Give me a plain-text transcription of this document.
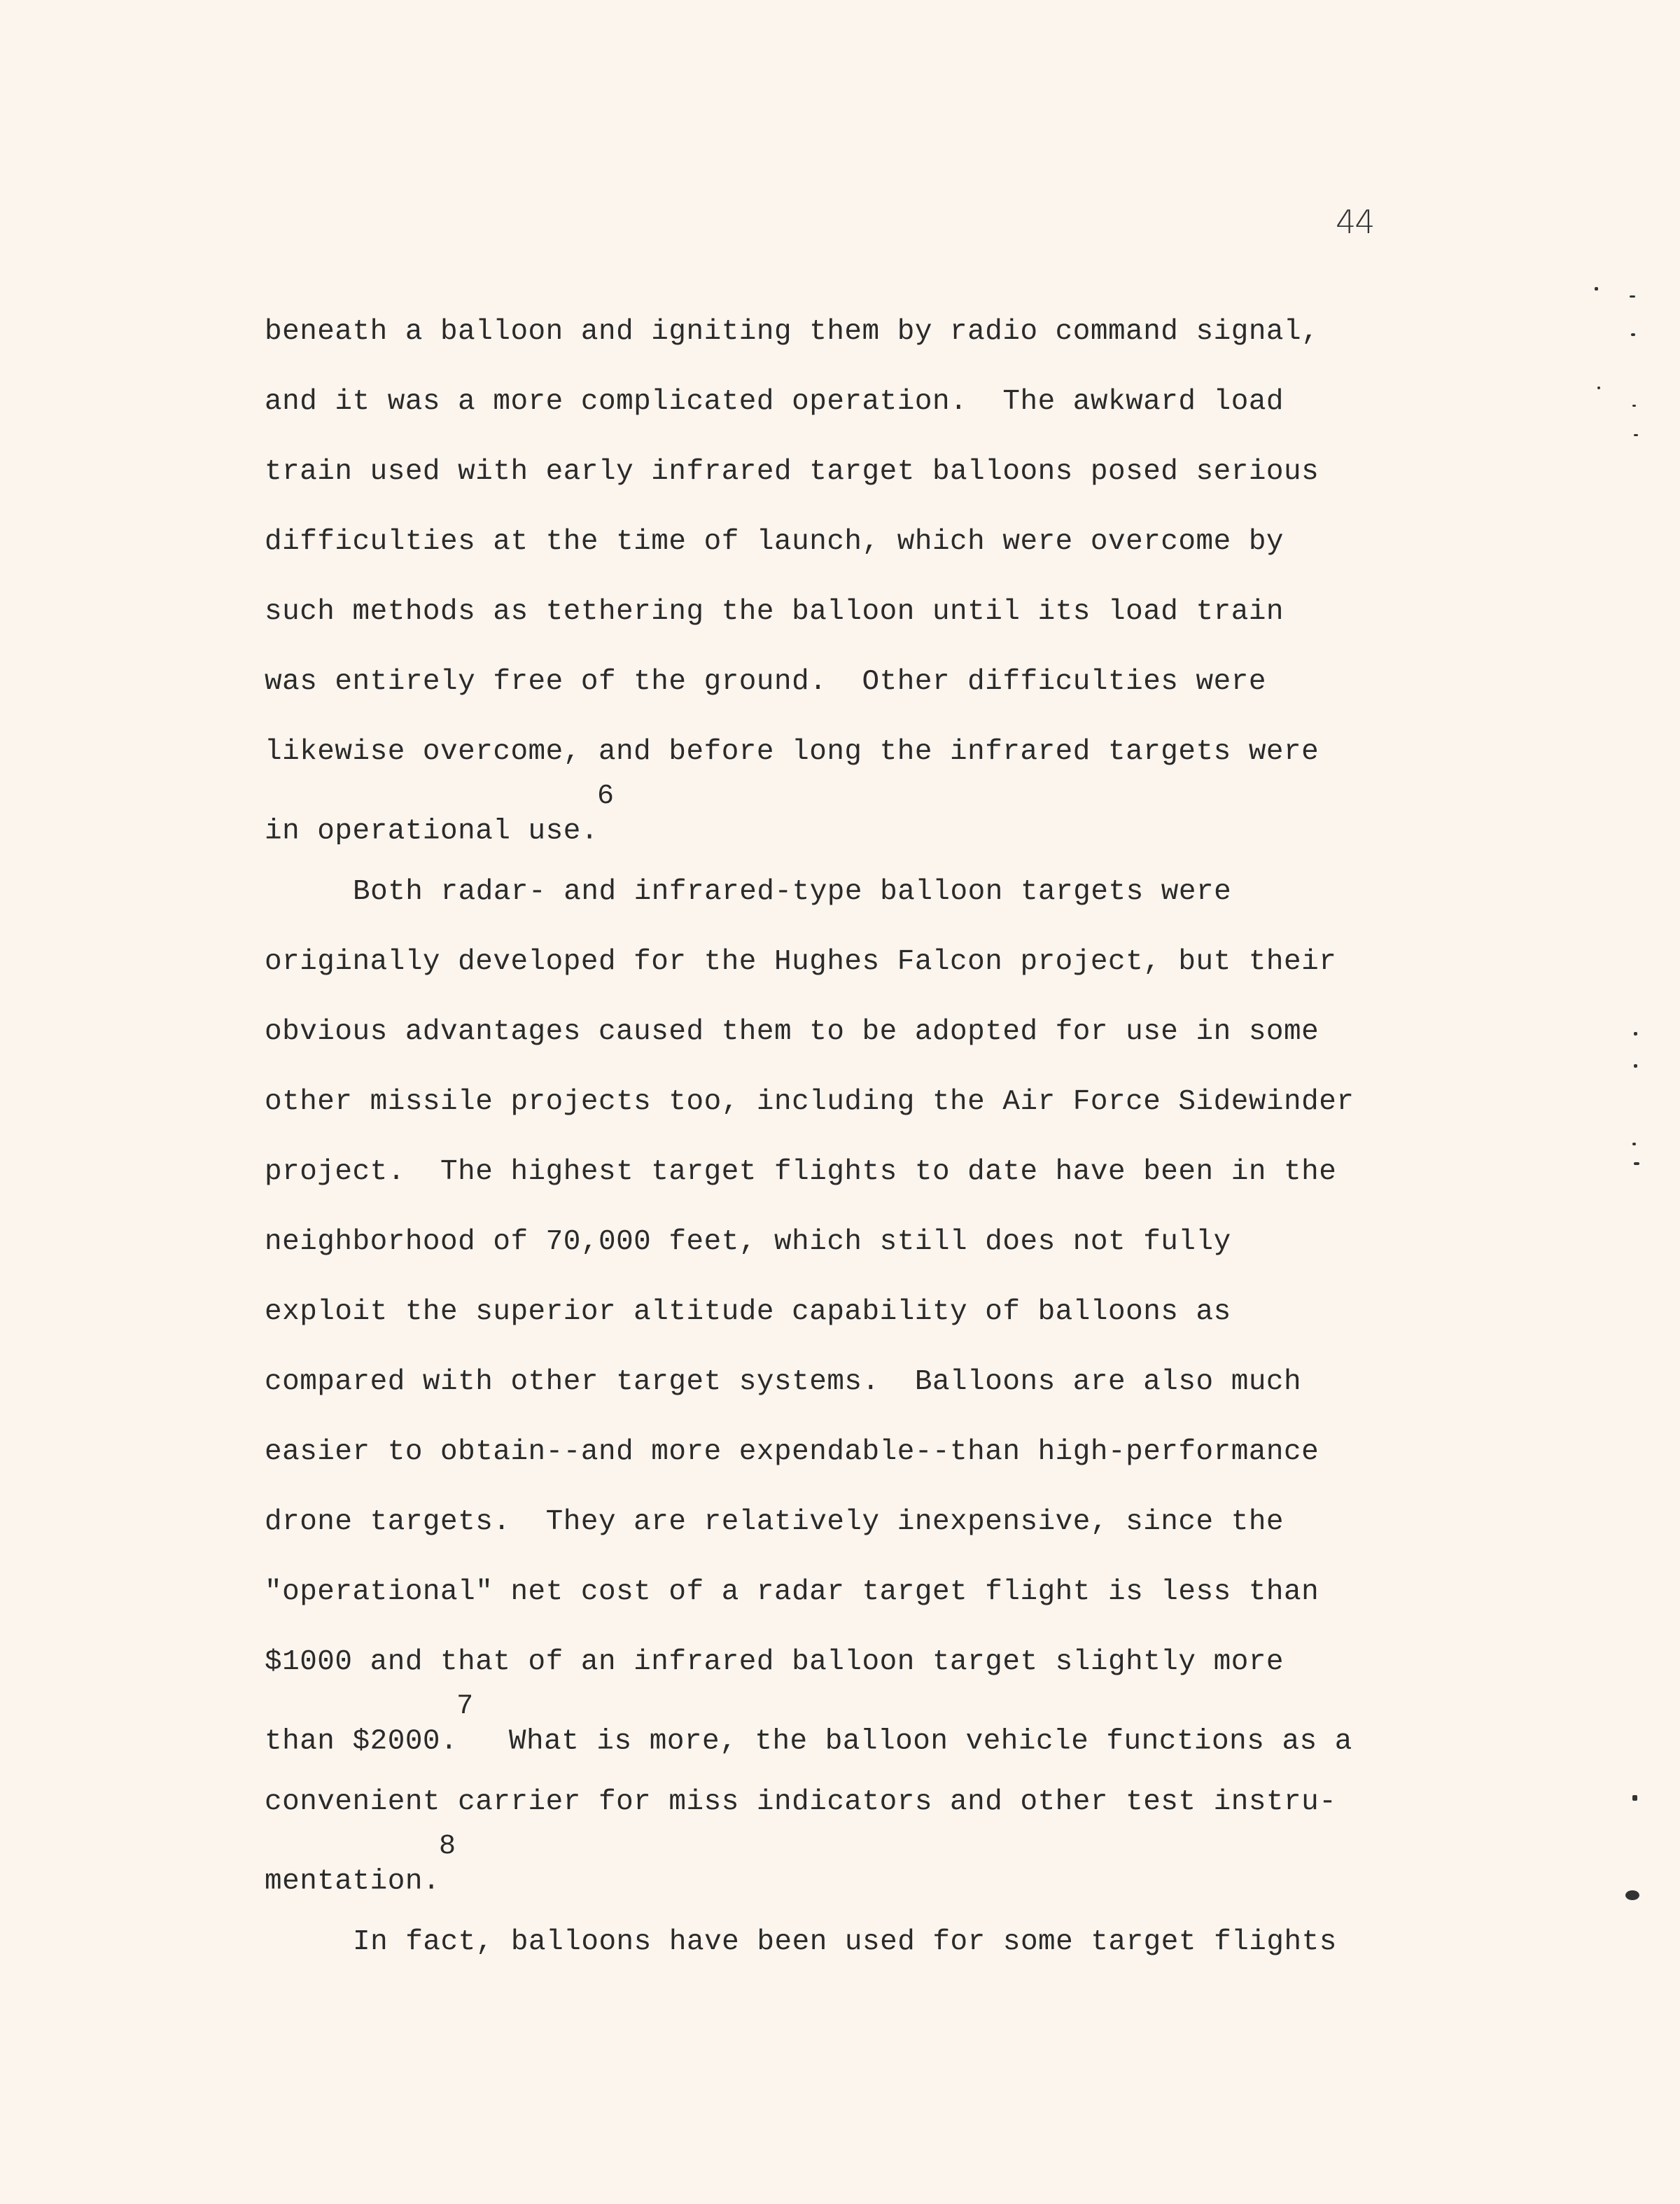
44
beneath a balloon and igniting them by radio command signal,
and it was a more complicated operation.  The awkward load
train used with early infrared target balloons posed serious
difficulties at the time of launch, which were overcome by
such methods as tethering the balloon until its load train
was entirely free of the ground.  Other difficulties were
likewise overcome, and before long the infrared targets were
in operational use.$^6$
Both radar- and infrared-type balloon targets were
originally developed for the Hughes Falcon project, but their
obvious advantages caused them to be adopted for use in some
other missile projects too, including the Air Force Sidewinder
project.  The highest target flights to date have been in the
neighborhood of 70,000 feet, which still does not fully
exploit the superior altitude capability of balloons as
compared with other target systems.  Balloons are also much
easier to obtain--and more expendable--than high-performance
drone targets.  They are relatively inexpensive, since the
"operational" net cost of a radar target flight is less than
$1000 and that of an infrared balloon target slightly more
than $2000.$^7$  What is more, the balloon vehicle functions as a
convenient carrier for miss indicators and other test instru-
mentation.$^8$
In fact, balloons have been used for some target flights
